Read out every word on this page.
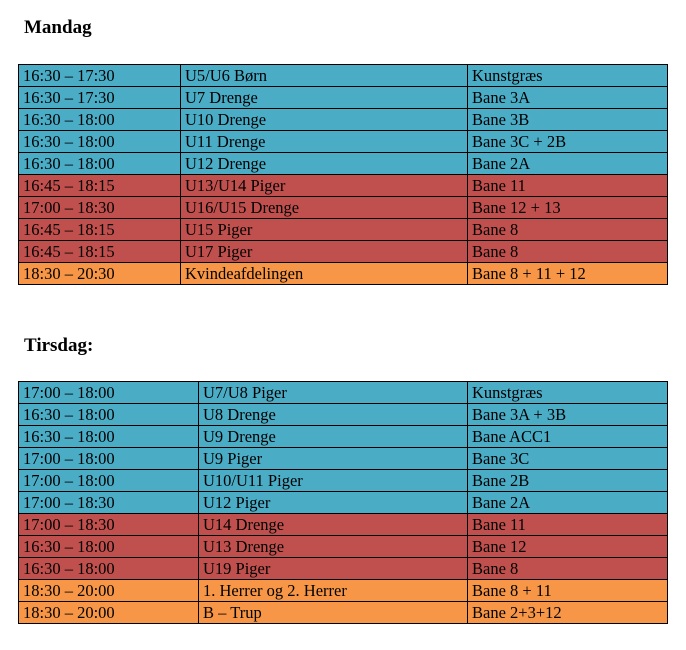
Mandag
16:30 – 17:30	U5/U6 Børn	Kunstgræs
16:30 – 17:30	U7 Drenge	Bane 3A
16:30 – 18:00	U10 Drenge	Bane 3B
16:30 – 18:00	U11 Drenge	Bane 3C + 2B
16:30 – 18:00	U12 Drenge	Bane 2A
16:45 – 18:15	U13/U14 Piger	Bane 11
17:00 – 18:30	U16/U15 Drenge	Bane 12 + 13
16:45 – 18:15	U15 Piger	Bane 8
16:45 – 18:15	U17 Piger	Bane 8
18:30 – 20:30	Kvindeafdelingen	Bane 8 + 11 + 12
Tirsdag:
17:00 – 18:00	U7/U8 Piger	Kunstgræs
16:30 – 18:00	U8 Drenge	Bane 3A + 3B
16:30 – 18:00	U9 Drenge	Bane ACC1
17:00 – 18:00	U9 Piger	Bane 3C
17:00 – 18:00	U10/U11 Piger	Bane 2B
17:00 – 18:30	U12 Piger	Bane 2A
17:00 – 18:30	U14 Drenge	Bane 11
16:30 – 18:00	U13 Drenge	Bane 12
16:30 – 18:00	U19 Piger	Bane 8
18:30 – 20:00	1. Herrer og 2. Herrer	Bane 8 + 11
18:30 – 20:00	B – Trup	Bane 2+3+12
